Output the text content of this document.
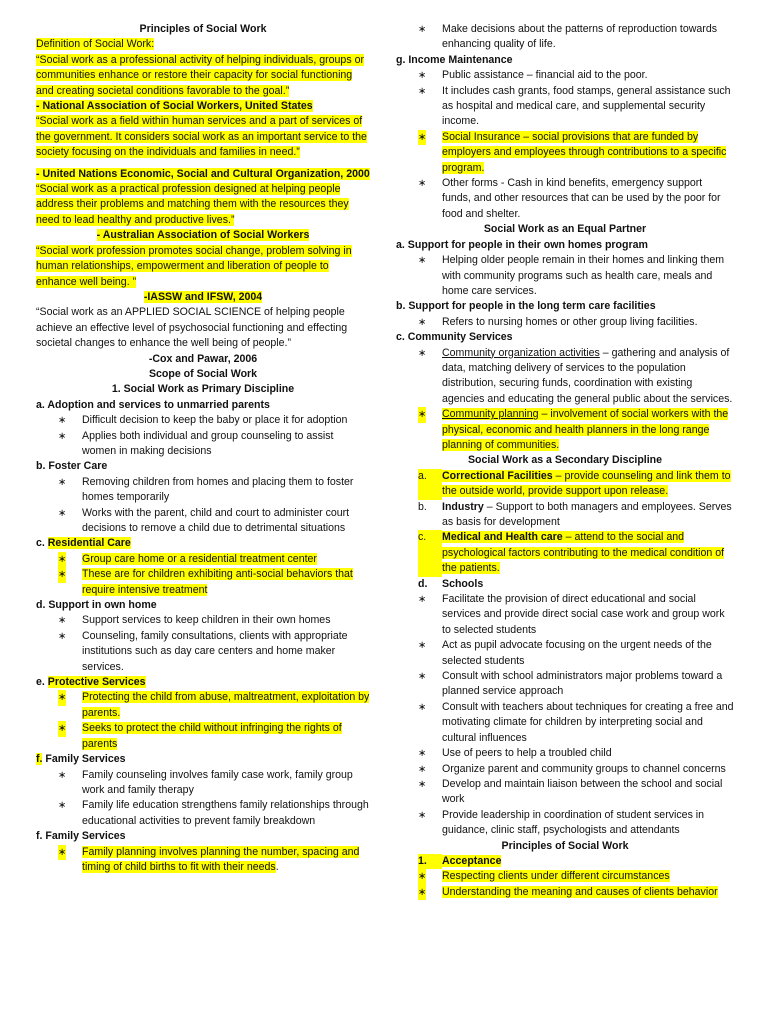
Principles of Social Work
Definition of Social Work:
“Social work as a professional activity of helping individuals, groups or communities enhance or restore their capacity for social functioning and creating societal conditions favorable to the goal.”
- National Association of Social Workers, United States
“Social work as a field within human services and a part of services of the government. It considers social work as an important service to the society focusing on the individuals and families in need.”
- United Nations Economic, Social and Cultural Organization, 2000
“Social work as a practical profession designed at helping people address their problems and matching them with the resources they need to lead healthy and productive lives.”
- Australian Association of Social Workers
“Social work profession promotes social change, problem solving in human relationships, empowerment and liberation of people to enhance well being. ”
-IASSW and IFSW, 2004
“Social work as an APPLIED SOCIAL SCIENCE of helping people achieve an effective level of psychosocial functioning and effecting societal changes to enhance the well being of people.”
-Cox and Pawar, 2006
Scope of Social Work
1. Social Work as Primary Discipline
a. Adoption and services to unmarried parents
∗ Difficult decision to keep the baby or place it for adoption
∗ Applies both individual and group counseling to assist women in making decisions
b. Foster Care
∗ Removing children from homes and placing them to foster homes temporarily
∗ Works with the parent, child and court to administer court decisions to remove a child due to detrimental situations
c. Residential Care
∗ Group care home or a residential treatment center
∗ These are for children exhibiting anti-social behaviors that require intensive treatment
d. Support in own home
∗ Support services to keep children in their own homes
∗ Counseling, family consultations, clients with appropriate institutions such as day care centers and home maker services.
e. Protective Services
∗ Protecting the child from abuse, maltreatment, exploitation by parents.
∗ Seeks to protect the child without infringing the rights of parents
f. Family Services
∗ Family counseling involves family case work, family group work and family therapy
∗ Family life education strengthens family relationships through educational activities to prevent family breakdown
f. Family Services
∗ Family planning involves planning the number, spacing and timing of child births to fit with their needs.
∗ Make decisions about the patterns of reproduction towards enhancing quality of life.
g. Income Maintenance
∗ Public assistance – financial aid to the poor.
∗ It includes cash grants, food stamps, general assistance such as hospital and medical care, and supplemental security income.
∗ Social Insurance – social provisions that are funded by employers and employees through contributions to a specific program.
∗ Other forms - Cash in kind benefits, emergency support funds, and other resources that can be used by the poor for food and shelter.
Social Work as an Equal Partner
a. Support for people in their own homes program
∗ Helping older people remain in their homes and linking them with community programs such as health care, meals and home care services.
b. Support for people in the long term care facilities
∗ Refers to nursing homes or other group living facilities.
c. Community Services
∗ Community organization activities – gathering and analysis of data, matching delivery of services to the population distribution, securing funds, coordination with existing agencies and educating the general public about the services.
∗ Community planning – involvement of social workers with the physical, economic and health planners in the long range planning of communities.
Social Work as a Secondary Discipline
a.	Correctional Facilities – provide counseling and link them to the outside world, provide support upon release.
b.	Industry – Support to both managers and employees. Serves as basis for development
c.	Medical and Health care – attend to the social and psychological factors contributing to the medical condition of the patients.
d.	Schools
∗ Facilitate the provision of direct educational and social services and provide direct social case work and group work to selected students
∗ Act as pupil advocate focusing on the urgent needs of the selected students
∗ Consult with school administrators major problems toward a planned service approach
∗ Consult with teachers about techniques for creating a free and motivating climate for children by interpreting social and cultural influences
∗ Use of peers to help a troubled child
∗ Organize parent and community groups to channel concerns
∗ Develop and maintain liaison between the school and social work
∗ Provide leadership in coordination of student services in guidance, clinic staff, psychologists and attendants
Principles of Social Work
1.	Acceptance
∗ Respecting clients under different circumstances
∗ Understanding the meaning and causes of clients behavior
